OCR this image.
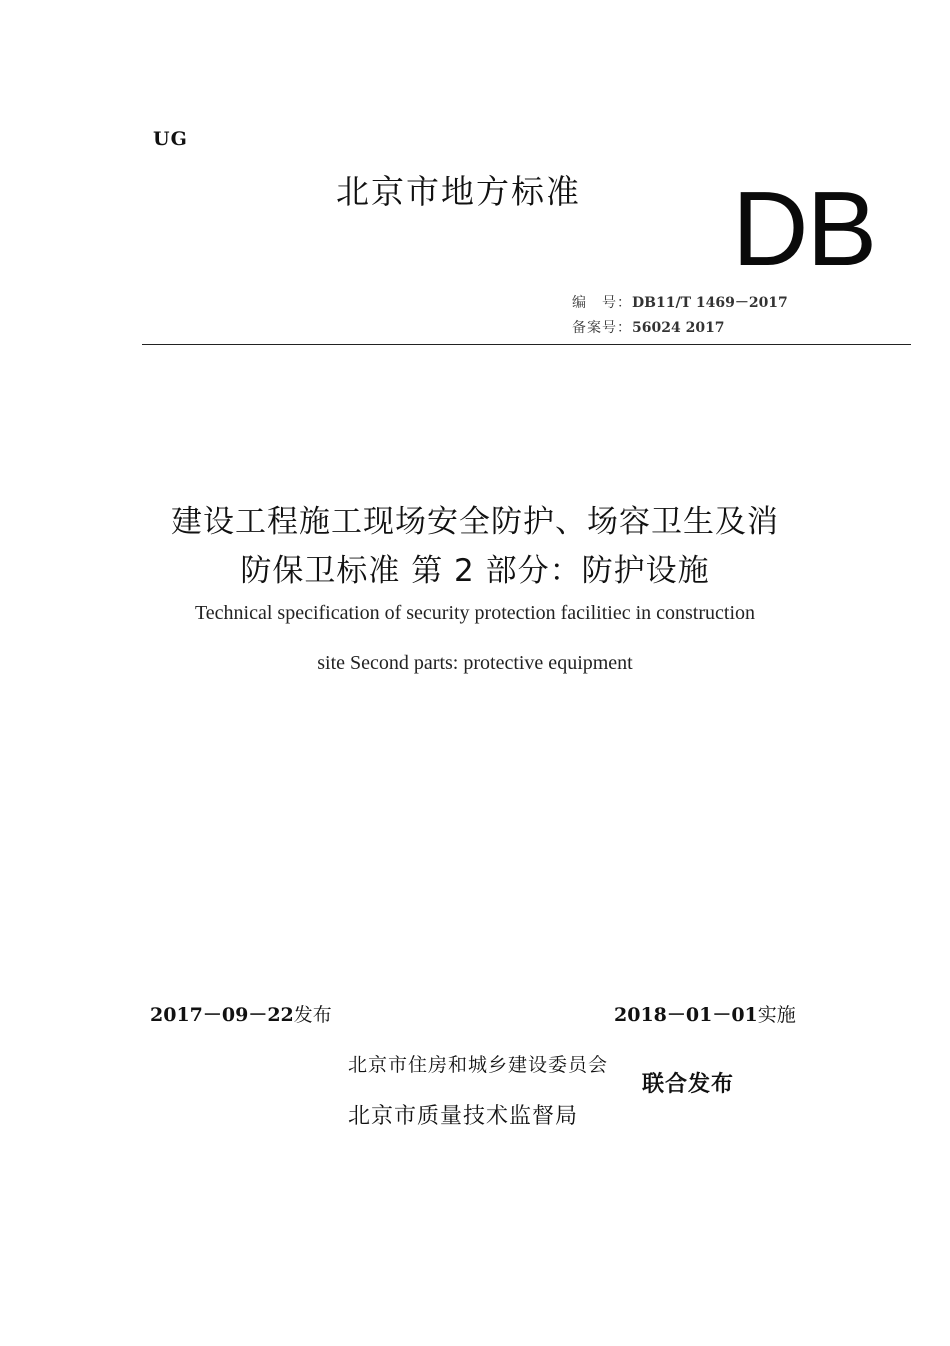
UG
北京市地方标准 DB
编　号：DB11/T 1469－2017
备案号：56024 2017
建设工程施工现场安全防护、场容卫生及消
防保卫标准 第 2 部分：防护设施
Technical specification of security protection facilitiec in construction
site Second parts: protective equipment
2017－09－22发布	2018－01－01实施
北京市住房和城乡建设委员会
北京市质量技术监督局
联合发布
